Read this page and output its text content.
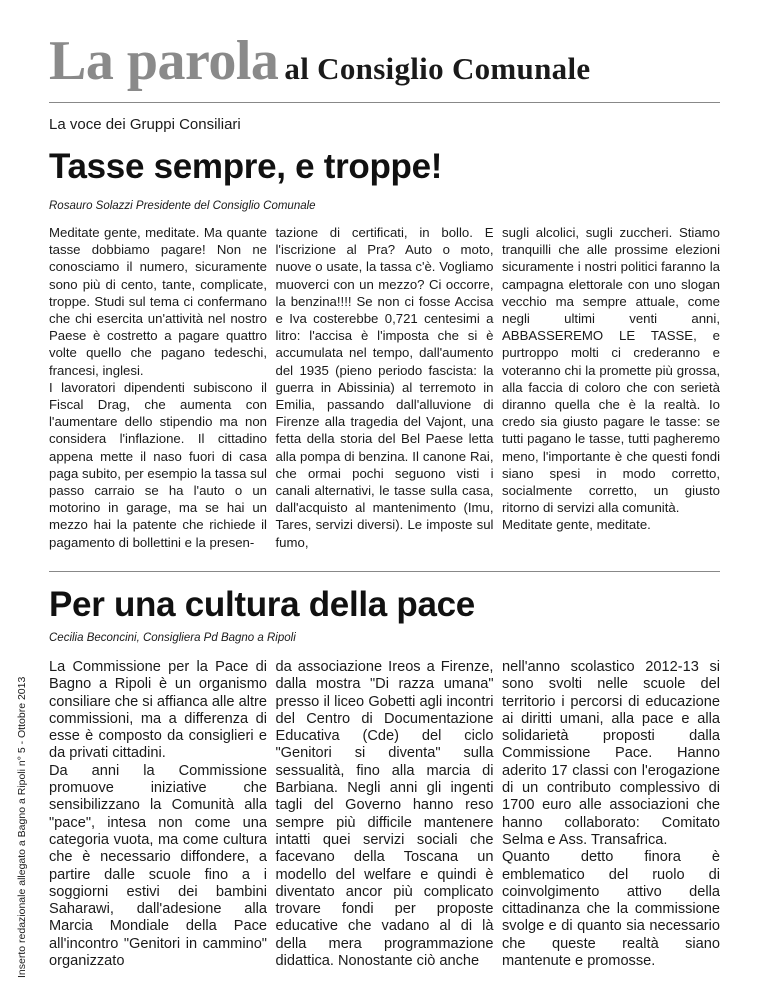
La parola al Consiglio Comunale
La voce dei Gruppi Consiliari
Tasse sempre, e troppe!
Rosauro Solazzi Presidente del Consiglio Comunale

Meditate gente, meditate. Ma quante tasse dobbiamo pagare! Non ne conosciamo il numero, sicuramente sono più di cento, tante, complicate, troppe. Studi sul tema ci confermano che chi esercita un'attività nel nostro Paese è costretto a pagare quattro volte quello che pagano tedeschi, francesi, inglesi.

I lavoratori dipendenti subiscono il Fiscal Drag, che aumenta con l'aumentare dello stipendio ma non considera l'inflazione. Il cittadino appena mette il naso fuori di casa paga subito, per esempio la tassa sul passo carraio se ha l'auto o un motorino in garage, ma se hai un mezzo hai la patente che richiede il pagamento di bollettini e la presen-

tazione di certificati, in bollo. E l'iscrizione al Pra? Auto o moto, nuove o usate, la tassa c'è. Vogliamo muoverci con un mezzo? Ci occorre, la benzina!!!! Se non ci fosse Accisa e Iva costerebbe 0,721 centesimi a litro: l'accisa è l'imposta che si è accumulata nel tempo, dall'aumento del 1935 (pieno periodo fascista: la guerra in Abissinia) al terremoto in Emilia, passando dall'alluvione di Firenze alla tragedia del Vajont, una fetta della storia del Bel Paese letta alla pompa di benzina. Il canone Rai, che ormai pochi seguono visti i canali alternativi, le tasse sulla casa, dall'acquisto al mantenimento (Imu, Tares, servizi diversi). Le imposte sul fumo,

sugli alcolici, sugli zuccheri. Stiamo tranquilli che alle prossime elezioni sicuramente i nostri politici faranno la campagna elettorale con uno slogan vecchio ma sempre attuale, come negli ultimi venti anni, ABBASSEREMO LE TASSE, e purtroppo molti ci crederanno e voteranno chi la promette più grossa, alla faccia di coloro che con serietà diranno quella che è la realtà. Io credo sia giusto pagare le tasse: se tutti pagano le tasse, tutti pagheremo meno, l'importante è che questi fondi siano spesi in modo corretto, socialmente corretto, un giusto ritorno di servizi alla comunità.

Meditate gente, meditate.

Per una cultura della pace
Cecilia Beconcini, Consigliera Pd Bagno a Ripoli

La Commissione per la Pace di Bagno a Ripoli è un organismo consiliare che si affianca alle altre commissioni, ma a differenza di esse è composto da consiglieri e da privati cittadini.

Da anni la Commissione promuove iniziative che sensibilizzano la Comunità alla "pace", intesa non come una categoria vuota, ma come cultura che è necessario diffondere, a partire dalle scuole fino a i soggiorni estivi dei bambini Saharawi, dall'adesione alla Marcia Mondiale della Pace all'incontro "Genitori in cammino" organizzato

da associazione Ireos a Firenze, dalla mostra "Di razza umana" presso il liceo Gobetti agli incontri del Centro di Documentazione Educativa (Cde) del ciclo "Genitori si diventa" sulla sessualità, fino alla marcia di Barbiana. Negli anni gli ingenti tagli del Governo hanno reso sempre più difficile mantenere intatti quei servizi sociali che facevano della Toscana un modello del welfare e quindi è diventato ancor più complicato trovare fondi per proposte educative che vadano al di là della mera programmazione didattica. Nonostante ciò anche

nell'anno scolastico 2012-13 si sono svolti nelle scuole del territorio i percorsi di educazione ai diritti umani, alla pace e alla solidarietà proposti dalla Commissione Pace. Hanno aderito 17 classi con l'erogazione di un contributo complessivo di 1700 euro alle associazioni che hanno collaborato: Comitato Selma e Ass. Transafrica.

Quanto detto finora è emblematico del ruolo di coinvolgimento attivo della cittadinanza che la commissione svolge e di quanto sia necessario che queste realtà siano mantenute e promosse.

Inserto redazionale allegato a Bagno a Ripoli n° 5 - Ottobre 2013
